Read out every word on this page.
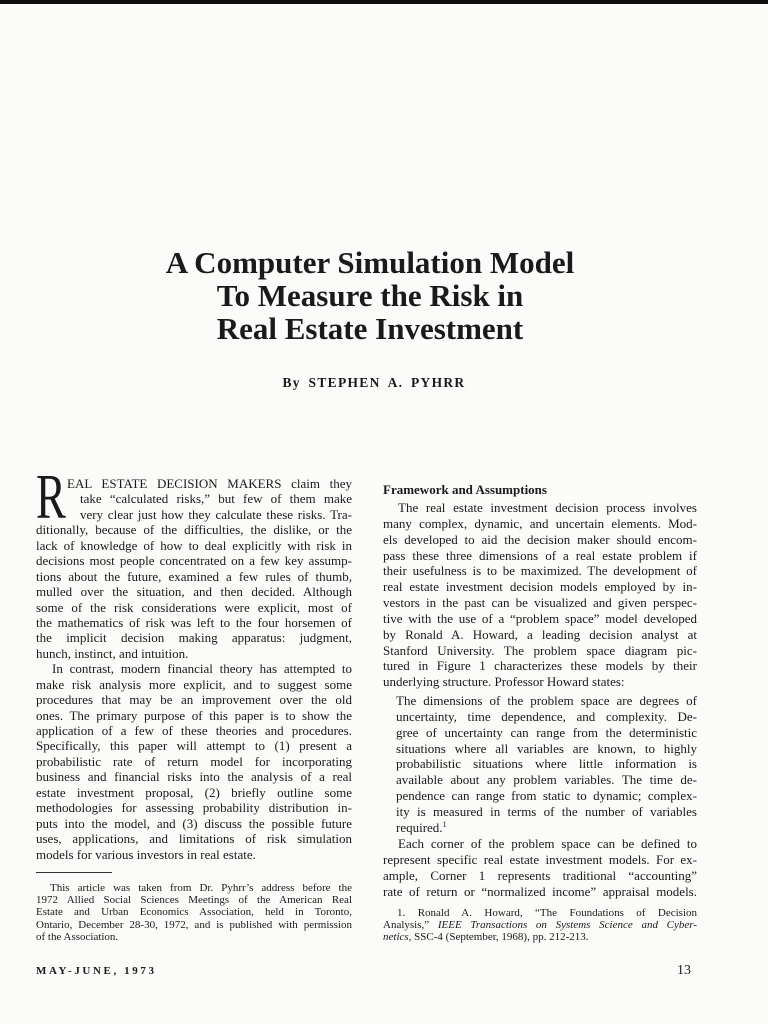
A Computer Simulation Model
To Measure the Risk in
Real Estate Investment
By STEPHEN A. PYHRR
R EAL ESTATE DECISION MAKERS claim they
take “calculated risks,” but few of them make
very clear just how they calculate these risks. Tra-
ditionally, because of the difficulties, the dislike, or the
lack of knowledge of how to deal explicitly with risk in
decisions most people concentrated on a few key assump-
tions about the future, examined a few rules of thumb,
mulled over the situation, and then decided. Although
some of the risk considerations were explicit, most of
the mathematics of risk was left to the four horsemen of
the implicit decision making apparatus: judgment,
hunch, instinct, and intuition.
In contrast, modern financial theory has attempted to
make risk analysis more explicit, and to suggest some
procedures that may be an improvement over the old
ones. The primary purpose of this paper is to show the
application of a few of these theories and procedures.
Specifically, this paper will attempt to (1) present a
probabilistic rate of return model for incorporating
business and financial risks into the analysis of a real
estate investment proposal, (2) briefly outline some
methodologies for assessing probability distribution in-
puts into the model, and (3) discuss the possible future
uses, applications, and limitations of risk simulation
models for various investors in real estate.
This article was taken from Dr. Pyhrr’s address before the
1972 Allied Social Sciences Meetings of the American Real
Estate and Urban Economics Association, held in Toronto,
Ontario, December 28-30, 1972, and is published with permission
of the Association.
Framework and Assumptions
The real estate investment decision process involves
many complex, dynamic, and uncertain elements. Mod-
els developed to aid the decision maker should encom-
pass these three dimensions of a real estate problem if
their usefulness is to be maximized. The development of
real estate investment decision models employed by in-
vestors in the past can be visualized and given perspec-
tive with the use of a “problem space” model developed
by Ronald A. Howard, a leading decision analyst at
Stanford University. The problem space diagram pic-
tured in Figure 1 characterizes these models by their
underlying structure. Professor Howard states:
The dimensions of the problem space are degrees of
uncertainty, time dependence, and complexity. De-
gree of uncertainty can range from the deterministic
situations where all variables are known, to highly
probabilistic situations where little information is
available about any problem variables. The time de-
pendence can range from static to dynamic; complex-
ity is measured in terms of the number of variables
required.$^1$
Each corner of the problem space can be defined to
represent specific real estate investment models. For ex-
ample, Corner 1 represents traditional “accounting”
rate of return or “normalized income” appraisal models.
1. Ronald A. Howard, “The Foundations of Decision
Analysis,” IEEE Transactions on Systems Science and Cyber-
netics, SSC-4 (September, 1968), pp. 212-213.
MAY-JUNE, 1973	13
